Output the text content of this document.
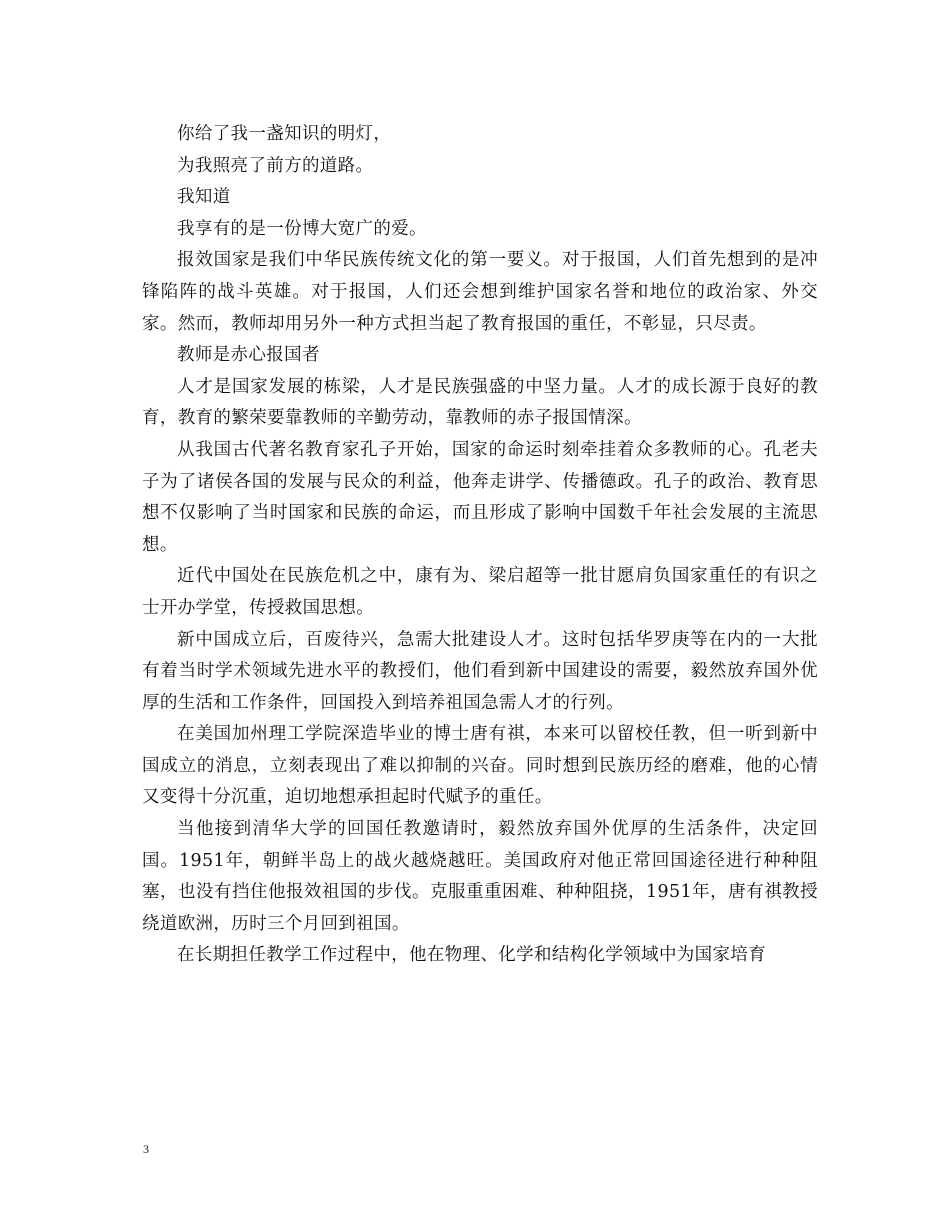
你给了我一盏知识的明灯，

为我照亮了前方的道路。

我知道

我享有的是一份博大宽广的爱。

报效国家是我们中华民族传统文化的第一要义。对于报国，人们首先想到的是冲锋陷阵的战斗英雄。对于报国，人们还会想到维护国家名誉和地位的政治家、外交家。然而，教师却用另外一种方式担当起了教育报国的重任，不彰显，只尽责。

教师是赤心报国者

人才是国家发展的栋梁，人才是民族强盛的中坚力量。人才的成长源于良好的教育，教育的繁荣要靠教师的辛勤劳动，靠教师的赤子报国情深。

从我国古代著名教育家孔子开始，国家的命运时刻牵挂着众多教师的心。孔老夫子为了诸侯各国的发展与民众的利益，他奔走讲学、传播德政。孔子的政治、教育思想不仅影响了当时国家和民族的命运，而且形成了影响中国数千年社会发展的主流思想。

近代中国处在民族危机之中，康有为、梁启超等一批甘愿肩负国家重任的有识之士开办学堂，传授救国思想。

新中国成立后，百废待兴，急需大批建设人才。这时包括华罗庚等在内的一大批有着当时学术领域先进水平的教授们，他们看到新中国建设的需要，毅然放弃国外优厚的生活和工作条件，回国投入到培养祖国急需人才的行列。

在美国加州理工学院深造毕业的博士唐有祺，本来可以留校任教，但一听到新中国成立的消息，立刻表现出了难以抑制的兴奋。同时想到民族历经的磨难，他的心情又变得十分沉重，迫切地想承担起时代赋予的重任。

当他接到清华大学的回国任教邀请时，毅然放弃国外优厚的生活条件，决定回国。1951年，朝鲜半岛上的战火越烧越旺。美国政府对他正常回国途径进行种种阻塞，也没有挡住他报效祖国的步伐。克服重重困难、种种阻挠，1951年，唐有祺教授绕道欧洲，历时三个月回到祖国。

在长期担任教学工作过程中，他在物理、化学和结构化学领域中为国家培育

3
